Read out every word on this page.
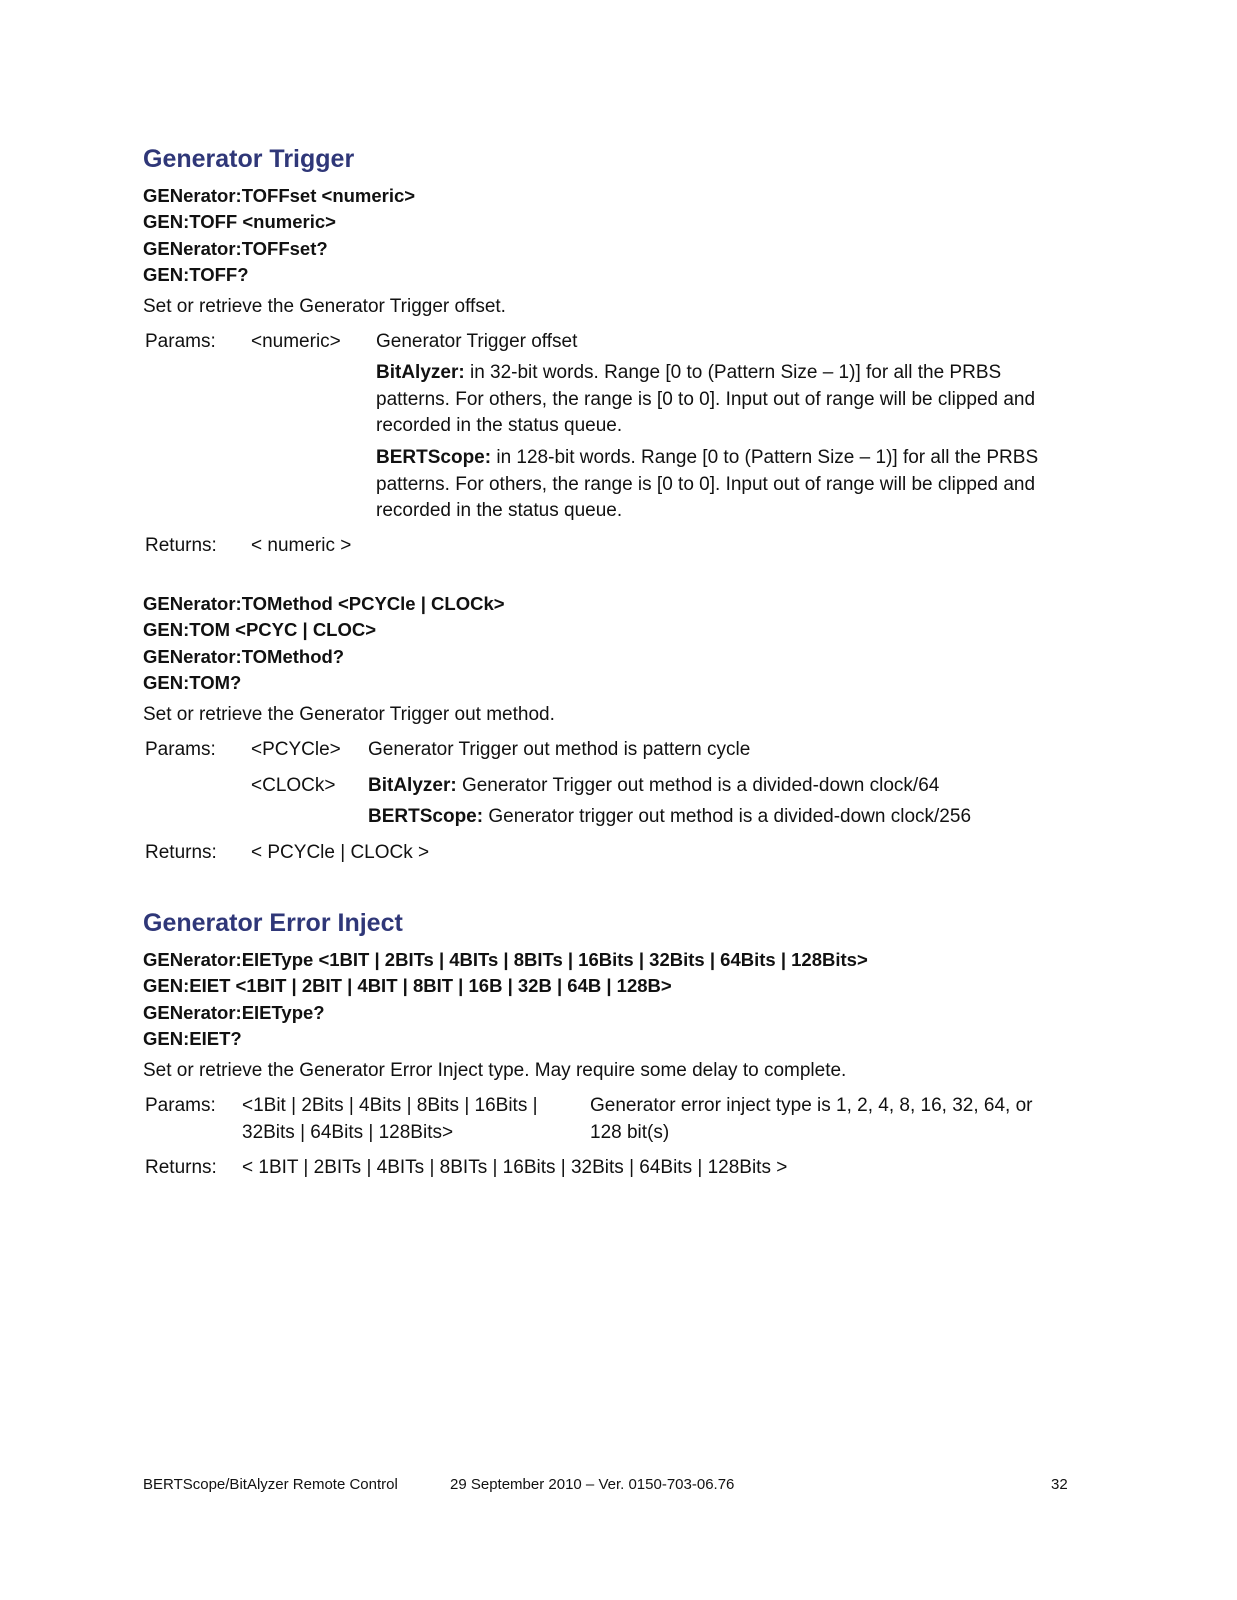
Generator Trigger
GENerator:TOFFset <numeric>
GEN:TOFF <numeric>
GENerator:TOFFset?
GEN:TOFF?
Set or retrieve the Generator Trigger offset.
Params: <numeric> Generator Trigger offset
BitAlyzer: in 32-bit words. Range [0 to (Pattern Size – 1)] for all the PRBS patterns. For others, the range is [0 to 0]. Input out of range will be clipped and recorded in the status queue.
BERTScope: in 128-bit words. Range [0 to (Pattern Size – 1)] for all the PRBS patterns. For others, the range is [0 to 0]. Input out of range will be clipped and recorded in the status queue.
Returns: < numeric >
GENerator:TOMethod <PCYCle | CLOCk>
GEN:TOM <PCYC | CLOC>
GENerator:TOMethod?
GEN:TOM?
Set or retrieve the Generator Trigger out method.
Params: <PCYCle> Generator Trigger out method is pattern cycle
<CLOCk> BitAlyzer: Generator Trigger out method is a divided-down clock/64
BERTScope: Generator trigger out method is a divided-down clock/256
Returns: < PCYCle | CLOCk >
Generator Error Inject
GENerator:EIEType <1BIT | 2BITs | 4BITs | 8BITs | 16Bits | 32Bits | 64Bits | 128Bits>
GEN:EIET <1BIT | 2BIT | 4BIT | 8BIT | 16B | 32B | 64B | 128B>
GENerator:EIEType?
GEN:EIET?
Set or retrieve the Generator Error Inject type. May require some delay to complete.
Params: <1Bit | 2Bits | 4Bits | 8Bits | 16Bits | 32Bits | 64Bits | 128Bits>
Generator error inject type is 1, 2, 4, 8, 16, 32, 64, or 128 bit(s)
Returns: < 1BIT | 2BITs | 4BITs | 8BITs | 16Bits | 32Bits | 64Bits | 128Bits >
BERTScope/BitAlyzer Remote Control	29 September 2010 – Ver. 0150-703-06.76	32
